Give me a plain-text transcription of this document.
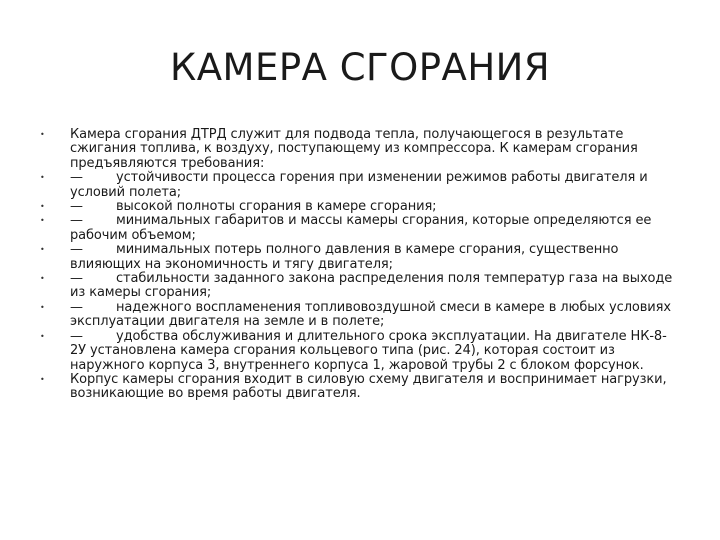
КАМЕРА СГОРАНИЯ
•	Камера сгорания ДТРД служит для подвода тепла, получающегося в результате сжигания топлива, к воздуху, поступающему из компрессора. К камерам сгорания предъявляются требования:
•	—	устойчивости процесса горения при изменении режимов работы двигателя и условий полета;
•	—	высокой полноты сгорания в камере сгорания;
•	—	минимальных габаритов и массы камеры сгорания, которые определяются ее рабочим объемом;
•	—	минимальных потерь полного давления в камере сгорания, существенно влияющих на экономичность и тягу двигателя;
•	—	стабильности заданного закона распределения поля температур газа на выходе из камеры сгорания;
•	—	надежного воспламенения топливовоздушной смеси в камере в любых условиях эксплуатации двигателя на земле и в полете;
•	—	удобства обслуживания и длительного срока эксплуатации. На двигателе НК-8- 2У установлена камера сгорания кольцевого типа (рис. 24), которая состоит из наружного корпуса 3, внутреннего корпуса 1, жаровой трубы 2 с блоком форсунок.
•	Корпус камеры сгорания входит в силовую схему двигателя и воспринимает нагрузки, возникающие во время работы двигателя.
